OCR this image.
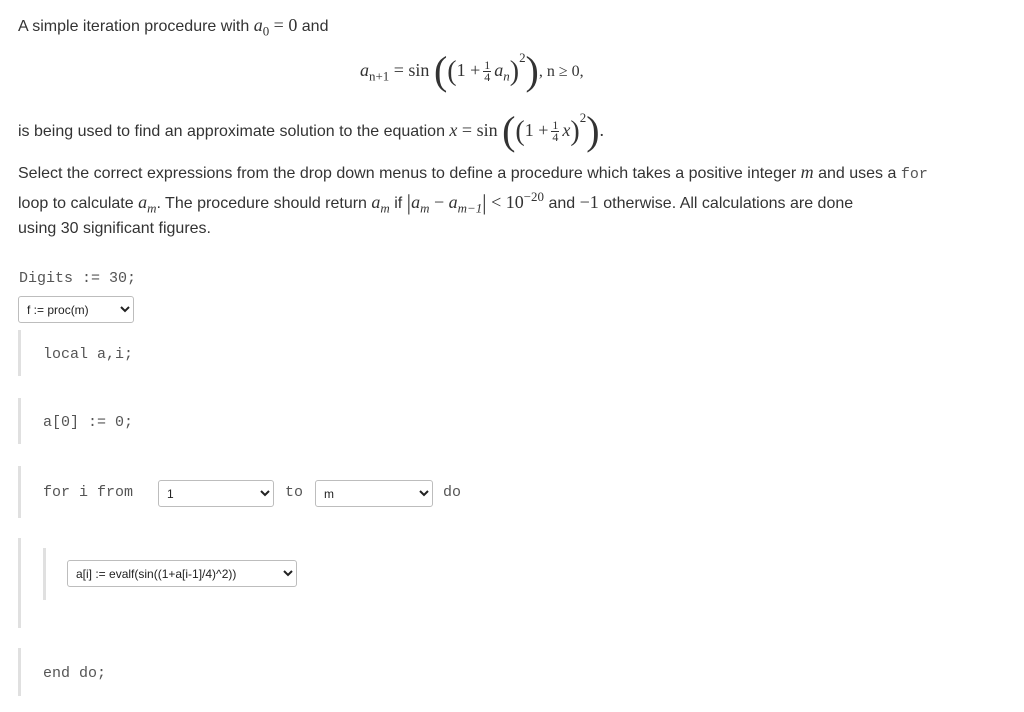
A simple iteration procedure with $a_0 = 0$ and
$a_{n+1} = \sin ((1 + \frac{1}{4} a_n)^2)$, n ≥ 0,
is being used to find an approximate solution to the equation $x = \sin ((1 + \frac{1}{4} x)^2)$.
Select the correct expressions from the drop down menus to define a procedure which takes a positive integer m and uses a for
loop to calculate $a_m$. The procedure should return $a_m$ if $|a_m - a_{m-1}| < 10^{-20}$ and −1 otherwise. All calculations are done
using 30 significant figures.
Digits := 30;
f := proc(m)
local a,i;
a[0] := 0;
for i from
1	to
m	do
a[i] := evalf(sin((1+a[i-1]/4)^2))
end do;
